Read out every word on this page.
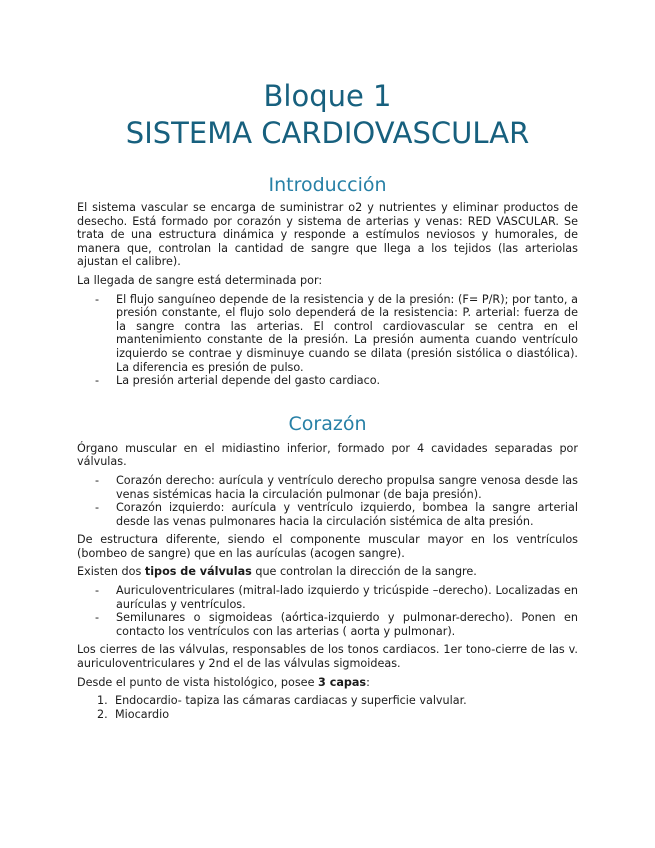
Bloque 1
SISTEMA CARDIOVASCULAR
Introducción

El sistema vascular se encarga de suministrar o2 y nutrientes y eliminar productos de desecho. Está formado por corazón y sistema de arterias y venas: RED VASCULAR. Se trata de una estructura dinámica y responde a estímulos neviosos y humorales, de manera que, controlan la cantidad de sangre que llega a los tejidos (las arteriolas ajustan el calibre).

La llegada de sangre está determinada por:

- El flujo sanguíneo depende de la resistencia y de la presión: (F= P/R); por tanto, a presión constante, el flujo solo dependerá de la resistencia: P. arterial: fuerza de la sangre contra las arterias. El control cardiovascular se centra en el mantenimiento constante de la presión. La presión aumenta cuando ventrículo izquierdo se contrae y disminuye cuando se dilata (presión sistólica o diastólica). La diferencia es presión de pulso.
- La presión arterial depende del gasto cardiaco.
Corazón

Órgano muscular en el midiastino inferior, formado por 4 cavidades separadas por válvulas.

- Corazón derecho: aurícula y ventrículo derecho propulsa sangre venosa desde las venas sistémicas hacia la circulación pulmonar (de baja presión).
- Corazón izquierdo: aurícula y ventrículo izquierdo, bombea la sangre arterial desde las venas pulmonares hacia la circulación sistémica de alta presión.

De estructura diferente, siendo el componente muscular mayor en los ventrículos (bombeo de sangre) que en las aurículas (acogen sangre).

Existen dos tipos de válvulas que controlan la dirección de la sangre.

- Auriculoventriculares (mitral-lado izquierdo y tricúspide –derecho). Localizadas en aurículas y ventrículos.
- Semilunares o sigmoideas (aórtica-izquierdo y pulmonar-derecho). Ponen en contacto los ventrículos con las arterias ( aorta y pulmonar).

Los cierres de las válvulas, responsables de los tonos cardiacos. 1er tono-cierre de las v. auriculoventriculares y 2nd el de las válvulas sigmoideas.

Desde el punto de vista histológico, posee 3 capas:

1. Endocardio- tapiza las cámaras cardiacas y superficie valvular.
2. Miocardio
